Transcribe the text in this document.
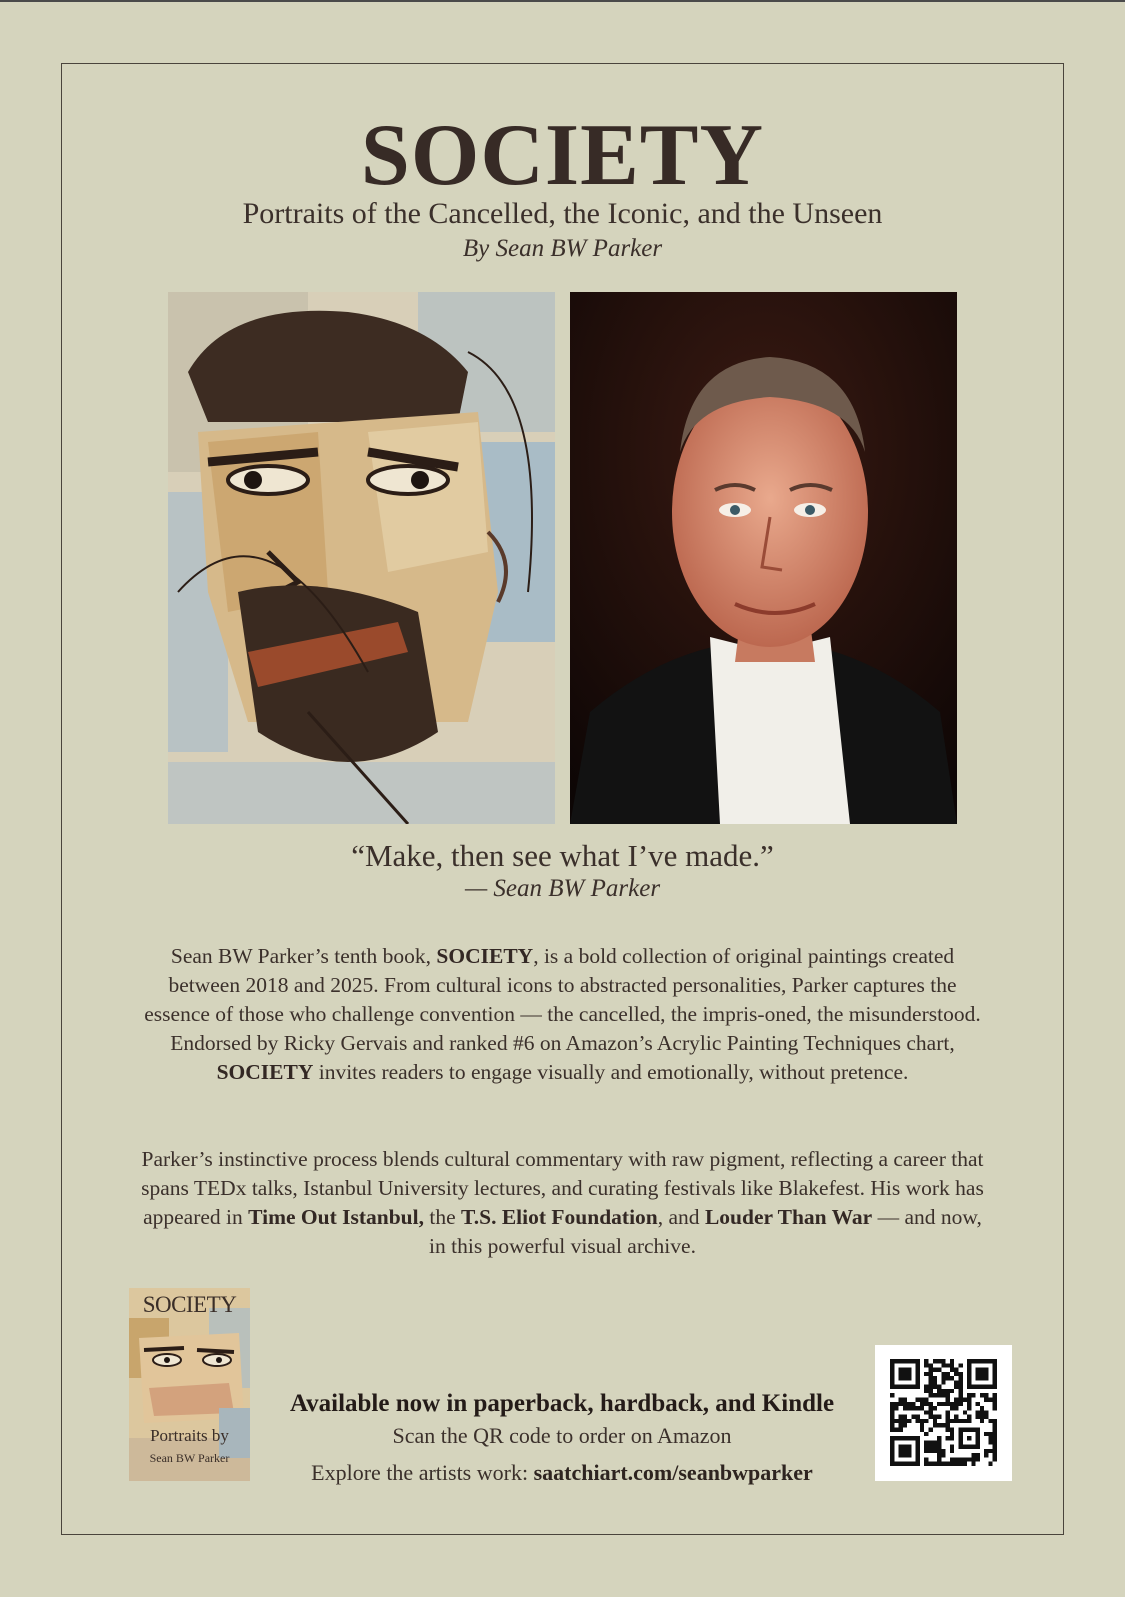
SOCIETY
Portraits of the Cancelled, the Iconic, and the Unseen
By Sean BW Parker
“Make, then see what I’ve made.”
— Sean BW Parker
Sean BW Parker’s tenth book, SOCIETY, is a bold collection of original paintings created between 2018 and 2025. From cultural icons to abstracted personalities, Parker captures the essence of those who challenge convention — the cancelled, the impris-oned, the misunderstood. Endorsed by Ricky Gervais and ranked #6 on Amazon’s Acrylic Painting Techniques chart, SOCIETY invites readers to engage visually and emotionally, without pretence.
Parker’s instinctive process blends cultural commentary with raw pigment, reflecting a career that spans TEDx talks, Istanbul University lectures, and curating festivals like Blakefest. His work has appeared in Time Out Istanbul, the T.S. Eliot Foundation, and Louder Than War — and now, in this powerful visual archive.
SOCIETY
Portraits by
Sean BW Parker
Available now in paperback, hardback, and Kindle
Scan the QR code to order on Amazon
Explore the artists work: saatchiart.com/seanbwparker
